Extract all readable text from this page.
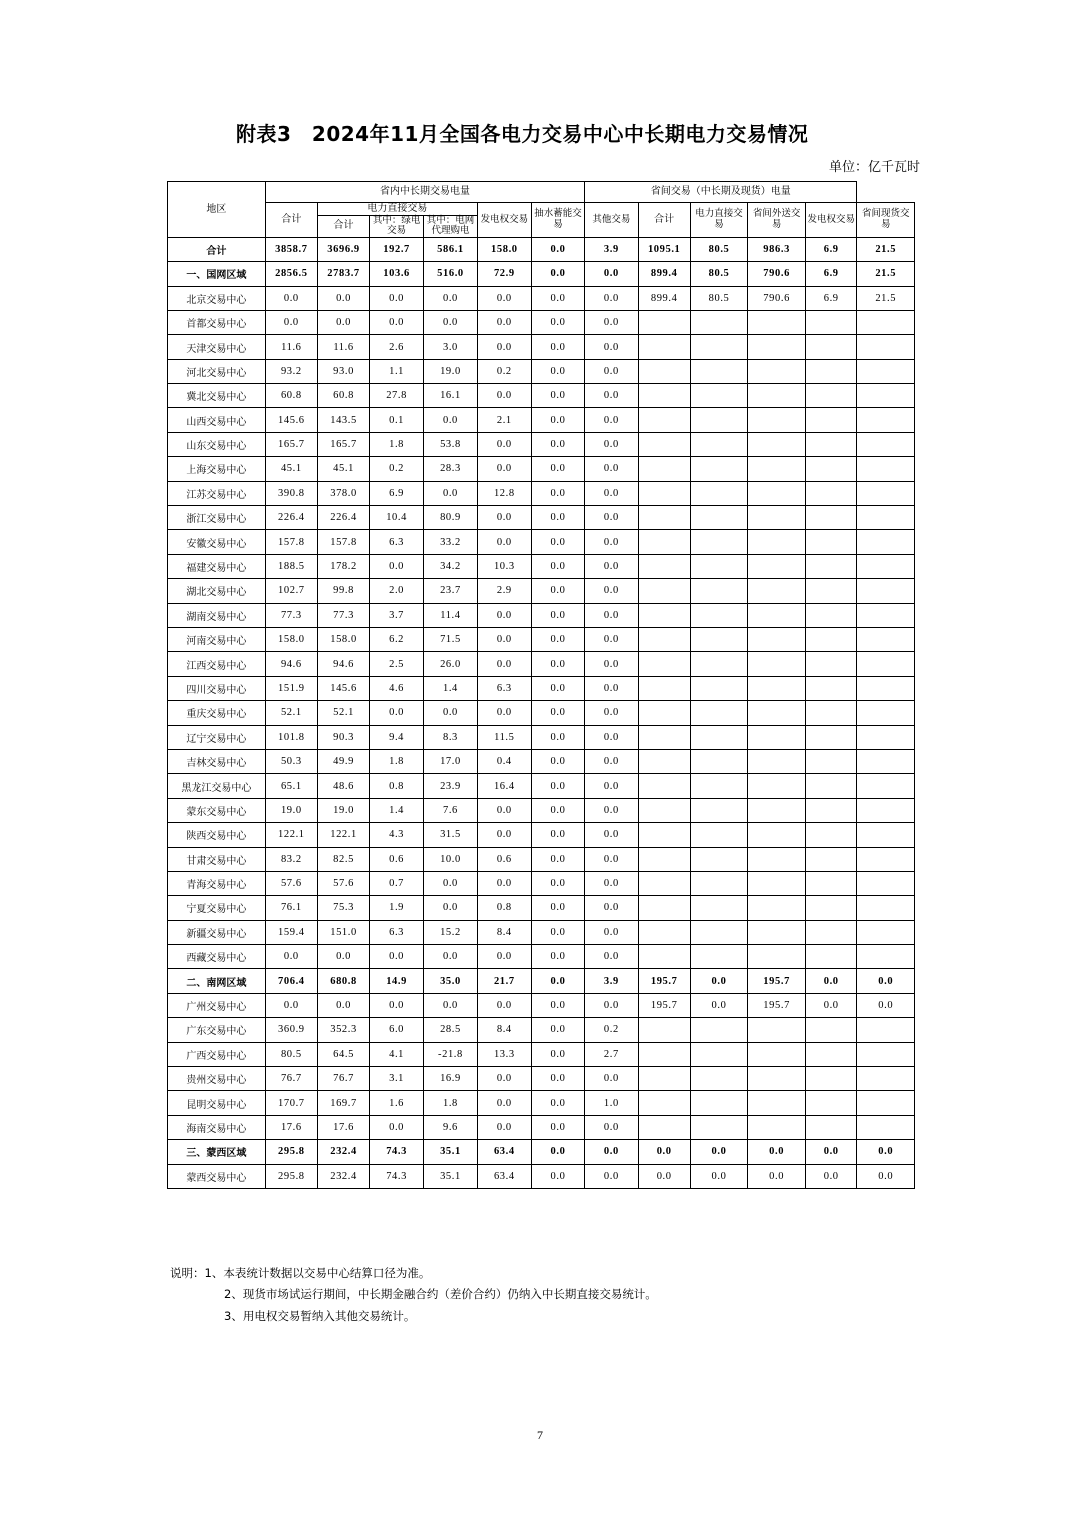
附表3　2024年11月全国各电力交易中心中长期电力交易情况
单位：亿千瓦时
地区	省内中长期交易电量						省间交易（中长期及现货）电量					
	合计	电力直接交易			发电权交易	抽水蓄能交易	其他交易	合计	电力直接交易	省间外送交易	发电权交易	省间现货交易
		合计	其中：绿电交易	其中：电网代理购电								
合计	3858.7	3696.9	192.7	586.1	158.0	0.0	3.9	1095.1	80.5	986.3	6.9	21.5
一、国网区域	2856.5	2783.7	103.6	516.0	72.9	0.0	0.0	899.4	80.5	790.6	6.9	21.5
北京交易中心	0.0	0.0	0.0	0.0	0.0	0.0	0.0	899.4	80.5	790.6	6.9	21.5
首都交易中心	0.0	0.0	0.0	0.0	0.0	0.0	0.0					
天津交易中心	11.6	11.6	2.6	3.0	0.0	0.0	0.0					
河北交易中心	93.2	93.0	1.1	19.0	0.2	0.0	0.0					
冀北交易中心	60.8	60.8	27.8	16.1	0.0	0.0	0.0					
山西交易中心	145.6	143.5	0.1	0.0	2.1	0.0	0.0					
山东交易中心	165.7	165.7	1.8	53.8	0.0	0.0	0.0					
上海交易中心	45.1	45.1	0.2	28.3	0.0	0.0	0.0					
江苏交易中心	390.8	378.0	6.9	0.0	12.8	0.0	0.0					
浙江交易中心	226.4	226.4	10.4	80.9	0.0	0.0	0.0					
安徽交易中心	157.8	157.8	6.3	33.2	0.0	0.0	0.0					
福建交易中心	188.5	178.2	0.0	34.2	10.3	0.0	0.0					
湖北交易中心	102.7	99.8	2.0	23.7	2.9	0.0	0.0					
湖南交易中心	77.3	77.3	3.7	11.4	0.0	0.0	0.0					
河南交易中心	158.0	158.0	6.2	71.5	0.0	0.0	0.0					
江西交易中心	94.6	94.6	2.5	26.0	0.0	0.0	0.0					
四川交易中心	151.9	145.6	4.6	1.4	6.3	0.0	0.0					
重庆交易中心	52.1	52.1	0.0	0.0	0.0	0.0	0.0					
辽宁交易中心	101.8	90.3	9.4	8.3	11.5	0.0	0.0					
吉林交易中心	50.3	49.9	1.8	17.0	0.4	0.0	0.0					
黑龙江交易中心	65.1	48.6	0.8	23.9	16.4	0.0	0.0					
蒙东交易中心	19.0	19.0	1.4	7.6	0.0	0.0	0.0					
陕西交易中心	122.1	122.1	4.3	31.5	0.0	0.0	0.0					
甘肃交易中心	83.2	82.5	0.6	10.0	0.6	0.0	0.0					
青海交易中心	57.6	57.6	0.7	0.0	0.0	0.0	0.0					
宁夏交易中心	76.1	75.3	1.9	0.0	0.8	0.0	0.0					
新疆交易中心	159.4	151.0	6.3	15.2	8.4	0.0	0.0					
西藏交易中心	0.0	0.0	0.0	0.0	0.0	0.0	0.0					
二、南网区域	706.4	680.8	14.9	35.0	21.7	0.0	3.9	195.7	0.0	195.7	0.0	0.0
广州交易中心	0.0	0.0	0.0	0.0	0.0	0.0	0.0	195.7	0.0	195.7	0.0	0.0
广东交易中心	360.9	352.3	6.0	28.5	8.4	0.0	0.2					
广西交易中心	80.5	64.5	4.1	-21.8	13.3	0.0	2.7					
贵州交易中心	76.7	76.7	3.1	16.9	0.0	0.0	0.0					
昆明交易中心	170.7	169.7	1.6	1.8	0.0	0.0	1.0					
海南交易中心	17.6	17.6	0.0	9.6	0.0	0.0	0.0					
三、蒙西区域	295.8	232.4	74.3	35.1	63.4	0.0	0.0	0.0	0.0	0.0	0.0	0.0
蒙西交易中心	295.8	232.4	74.3	35.1	63.4	0.0	0.0	0.0	0.0	0.0	0.0	0.0
说明：1、本表统计数据以交易中心结算口径为准。
2、现货市场试运行期间，中长期金融合约（差价合约）仍纳入中长期直接交易统计。
3、用电权交易暂纳入其他交易统计。
7
